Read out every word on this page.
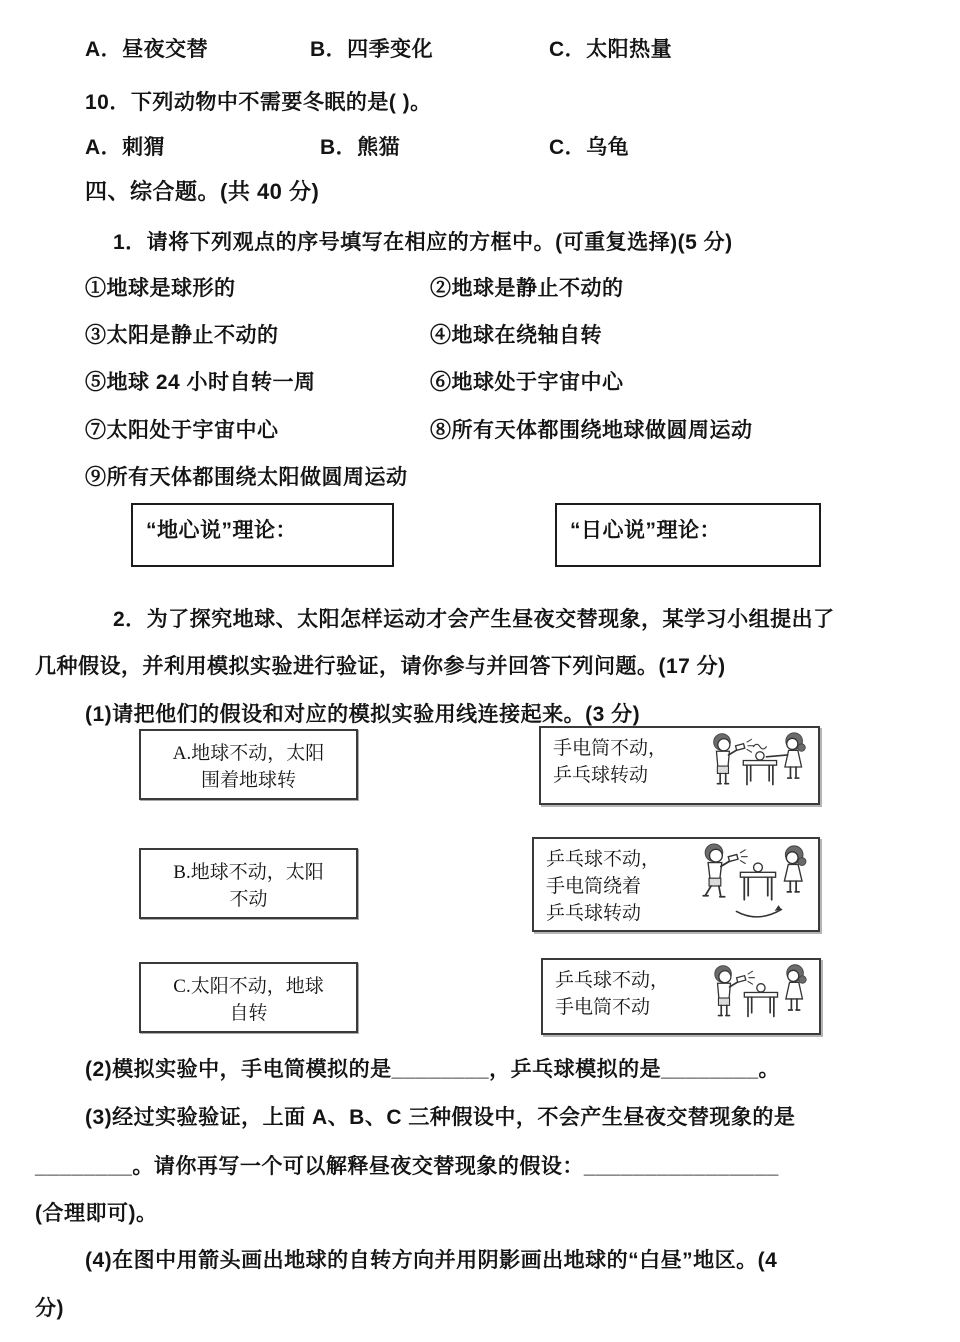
A．昼夜交替	B．四季变化	C．太阳热量
10．下列动物中不需要冬眠的是( )。
A．刺猬	B．熊猫	C．乌龟
四、综合题。(共 40 分)
1．请将下列观点的序号填写在相应的方框中。(可重复选择)(5 分)
①地球是球形的	②地球是静止不动的
③太阳是静止不动的	④地球在绕轴自转
⑤地球 24 小时自转一周	⑥地球处于宇宙中心
⑦太阳处于宇宙中心	⑧所有天体都围绕地球做圆周运动
⑨所有天体都围绕太阳做圆周运动
“地心说”理论：	“日心说”理论：
2．为了探究地球、太阳怎样运动才会产生昼夜交替现象，某学习小组提出了
几种假设，并利用模拟实验进行验证，请你参与并回答下列问题。(17 分)
(1)请把他们的假设和对应的模拟实验用线连接起来。(3 分)
A.地球不动，太阳
围着地球转
手电筒不动，
乒乓球转动
B.地球不动，太阳
不动
乒乓球不动，
手电筒绕着
乒乓球转动
C.太阳不动，地球
自转
乒乓球不动，
手电筒不动
(2)模拟实验中，手电筒模拟的是________，乒乓球模拟的是________。
(3)经过实验验证，上面 A、B、C 三种假设中，不会产生昼夜交替现象的是
________。请你再写一个可以解释昼夜交替现象的假设：________________
(合理即可)。
(4)在图中用箭头画出地球的自转方向并用阴影画出地球的“白昼”地区。(4
分)
